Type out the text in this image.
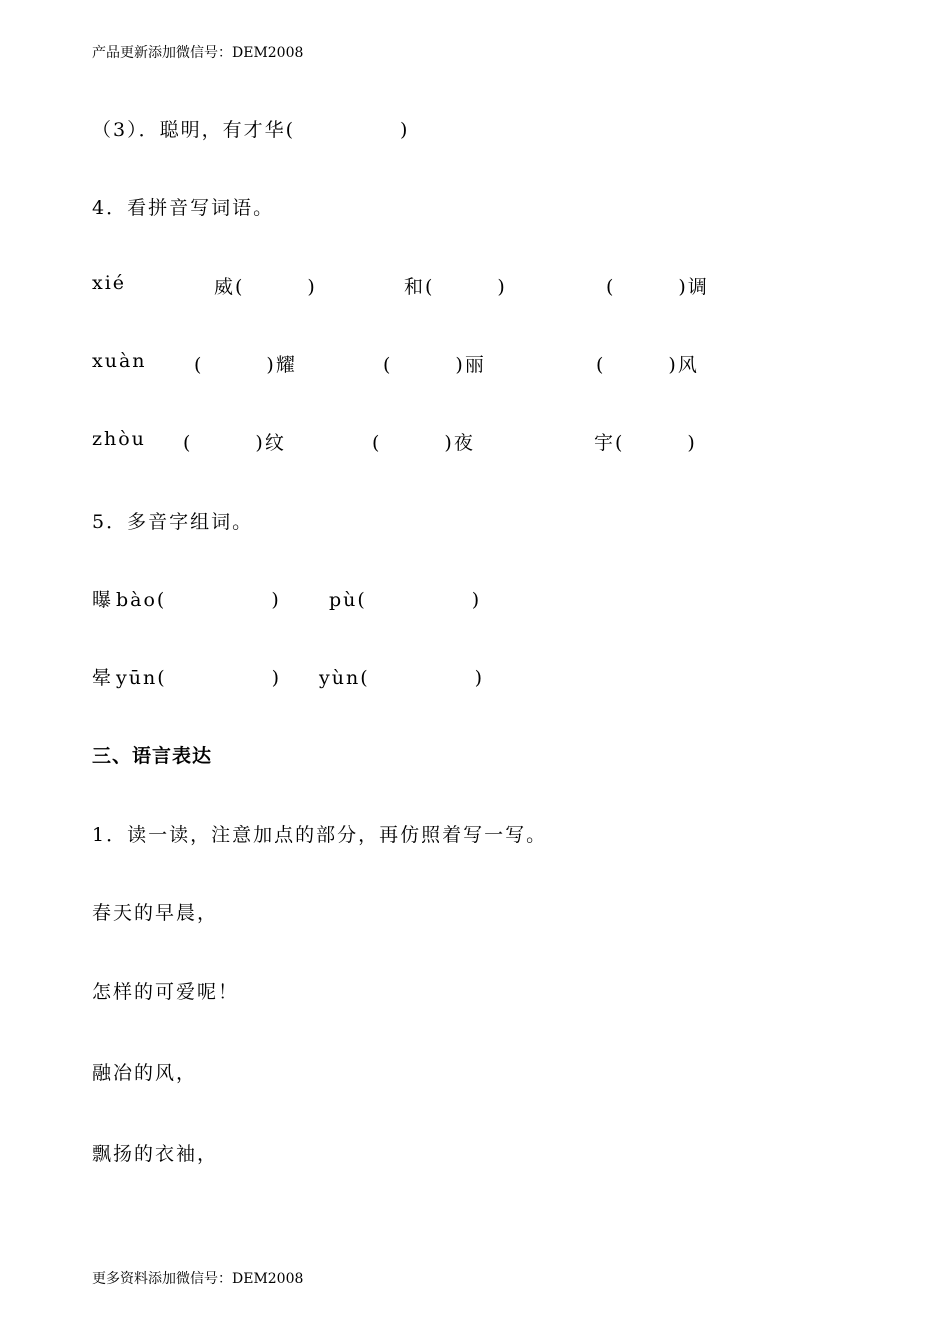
产品更新添加微信号：DEM2008
（3）．聪明，有才华(　　　　　)
4．看拼音写词语。
xié	威(　　　)	和(　　　)	(　　　)调
xuàn (　　　)耀	(　　　)丽	(　　　)风
zhòu (　　　)纹	(　　　)夜	宇(　　　)
5．多音字组词。
曝 bào(　　　　　)	pù(　　　　　)
晕 yūn(　　　　　) yùn(　　　　　)
三、语言表达
1．读一读，注意加点的部分，再仿照着写一写。
春天的早晨，
怎样的可爱呢！
融冶的风，
飘扬的衣袖，
更多资料添加微信号：DEM2008
